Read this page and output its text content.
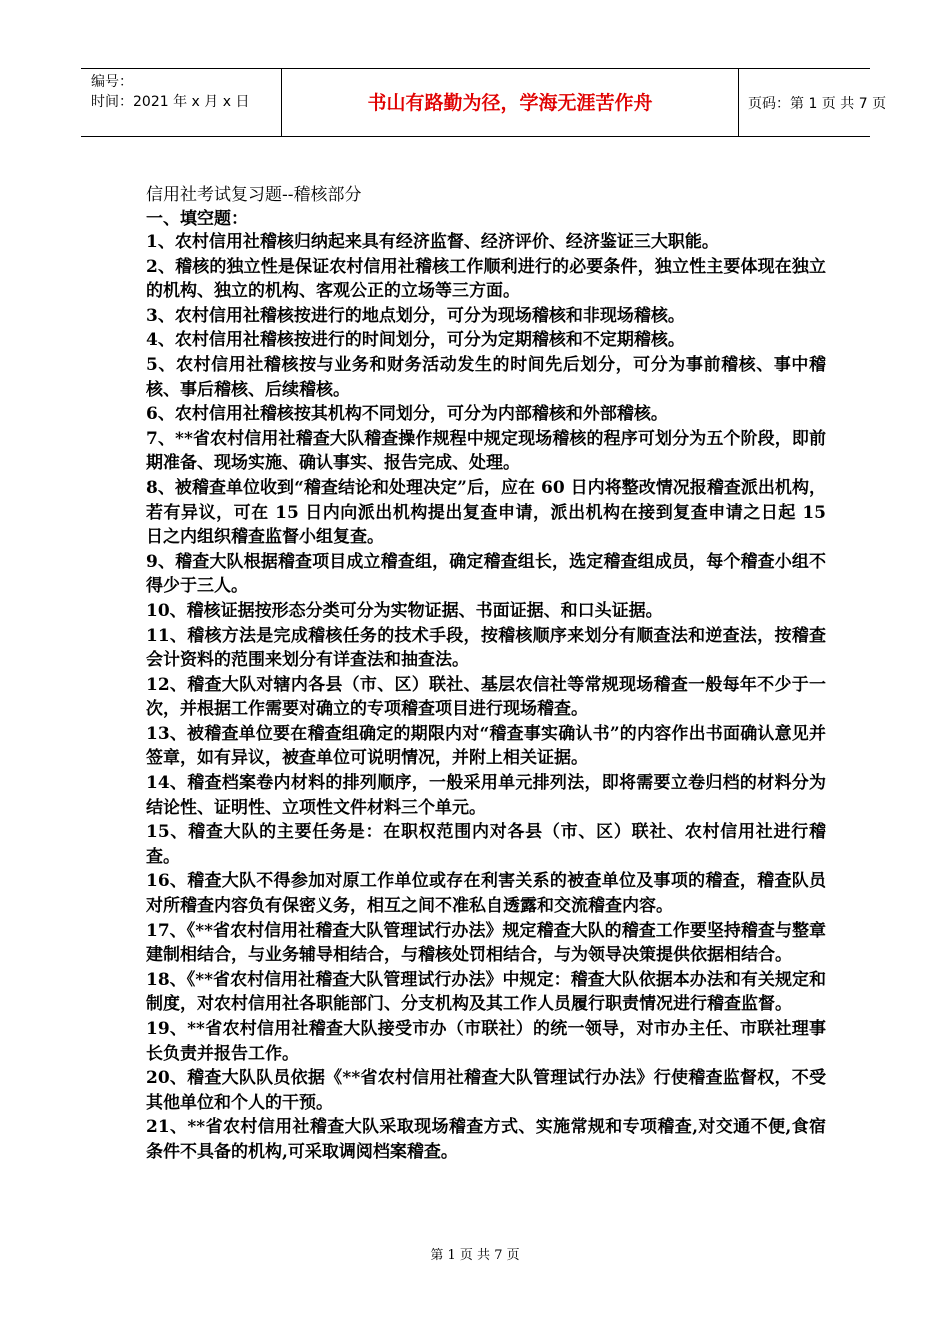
编号：
时间：2021 年 x 月 x 日	书山有路勤为径，学海无涯苦作舟	页码：第 1 页 共 7 页
信用社考试复习题--稽核部分
一、填空题：

1、农村信用社稽核归纳起来具有经济监督、经济评价、经济鉴证三大职能。

2、稽核的独立性是保证农村信用社稽核工作顺利进行的必要条件，独立性主要体现在独立的机构、独立的机构、客观公正的立场等三方面。

3、农村信用社稽核按进行的地点划分，可分为现场稽核和非现场稽核。

4、农村信用社稽核按进行的时间划分，可分为定期稽核和不定期稽核。

5、农村信用社稽核按与业务和财务活动发生的时间先后划分，可分为事前稽核、事中稽核、事后稽核、后续稽核。

6、农村信用社稽核按其机构不同划分，可分为内部稽核和外部稽核。

7、**省农村信用社稽查大队稽查操作规程中规定现场稽核的程序可划分为五个阶段，即前期准备、现场实施、确认事实、报告完成、处理。

8、被稽查单位收到“稽查结论和处理决定”后，应在 60 日内将整改情况报稽查派出机构，若有异议，可在 15 日内向派出机构提出复查申请，派出机构在接到复查申请之日起 15 日之内组织稽查监督小组复查。

9、稽查大队根据稽查项目成立稽查组，确定稽查组长，选定稽查组成员，每个稽查小组不得少于三人。

10、稽核证据按形态分类可分为实物证据、书面证据、和口头证据。

11、稽核方法是完成稽核任务的技术手段，按稽核顺序来划分有顺查法和逆查法，按稽查会计资料的范围来划分有详查法和抽查法。

12、稽查大队对辖内各县（市、区）联社、基层农信社等常规现场稽查一般每年不少于一次，并根据工作需要对确立的专项稽查项目进行现场稽查。

13、被稽查单位要在稽查组确定的期限内对“稽查事实确认书”的内容作出书面确认意见并签章，如有异议，被查单位可说明情况，并附上相关证据。

14、稽查档案卷内材料的排列顺序，一般采用单元排列法，即将需要立卷归档的材料分为结论性、证明性、立项性文件材料三个单元。

15、稽查大队的主要任务是：在职权范围内对各县（市、区）联社、农村信用社进行稽查。

16、稽查大队不得参加对原工作单位或存在利害关系的被查单位及事项的稽查，稽查队员对所稽查内容负有保密义务，相互之间不准私自透露和交流稽查内容。

17、《**省农村信用社稽查大队管理试行办法》规定稽查大队的稽查工作要坚持稽查与整章建制相结合，与业务辅导相结合，与稽核处罚相结合，与为领导决策提供依据相结合。

18、《**省农村信用社稽查大队管理试行办法》中规定：稽查大队依据本办法和有关规定和制度，对农村信用社各职能部门、分支机构及其工作人员履行职责情况进行稽查监督。

19、**省农村信用社稽查大队接受市办（市联社）的统一领导，对市办主任、市联社理事长负责并报告工作。

20、稽查大队队员依据《**省农村信用社稽查大队管理试行办法》行使稽查监督权，不受其他单位和个人的干预。

21、**省农村信用社稽查大队采取现场稽查方式、实施常规和专项稽查,对交通不便,食宿条件不具备的机构,可采取调阅档案稽查。

第 1 页 共 7 页
